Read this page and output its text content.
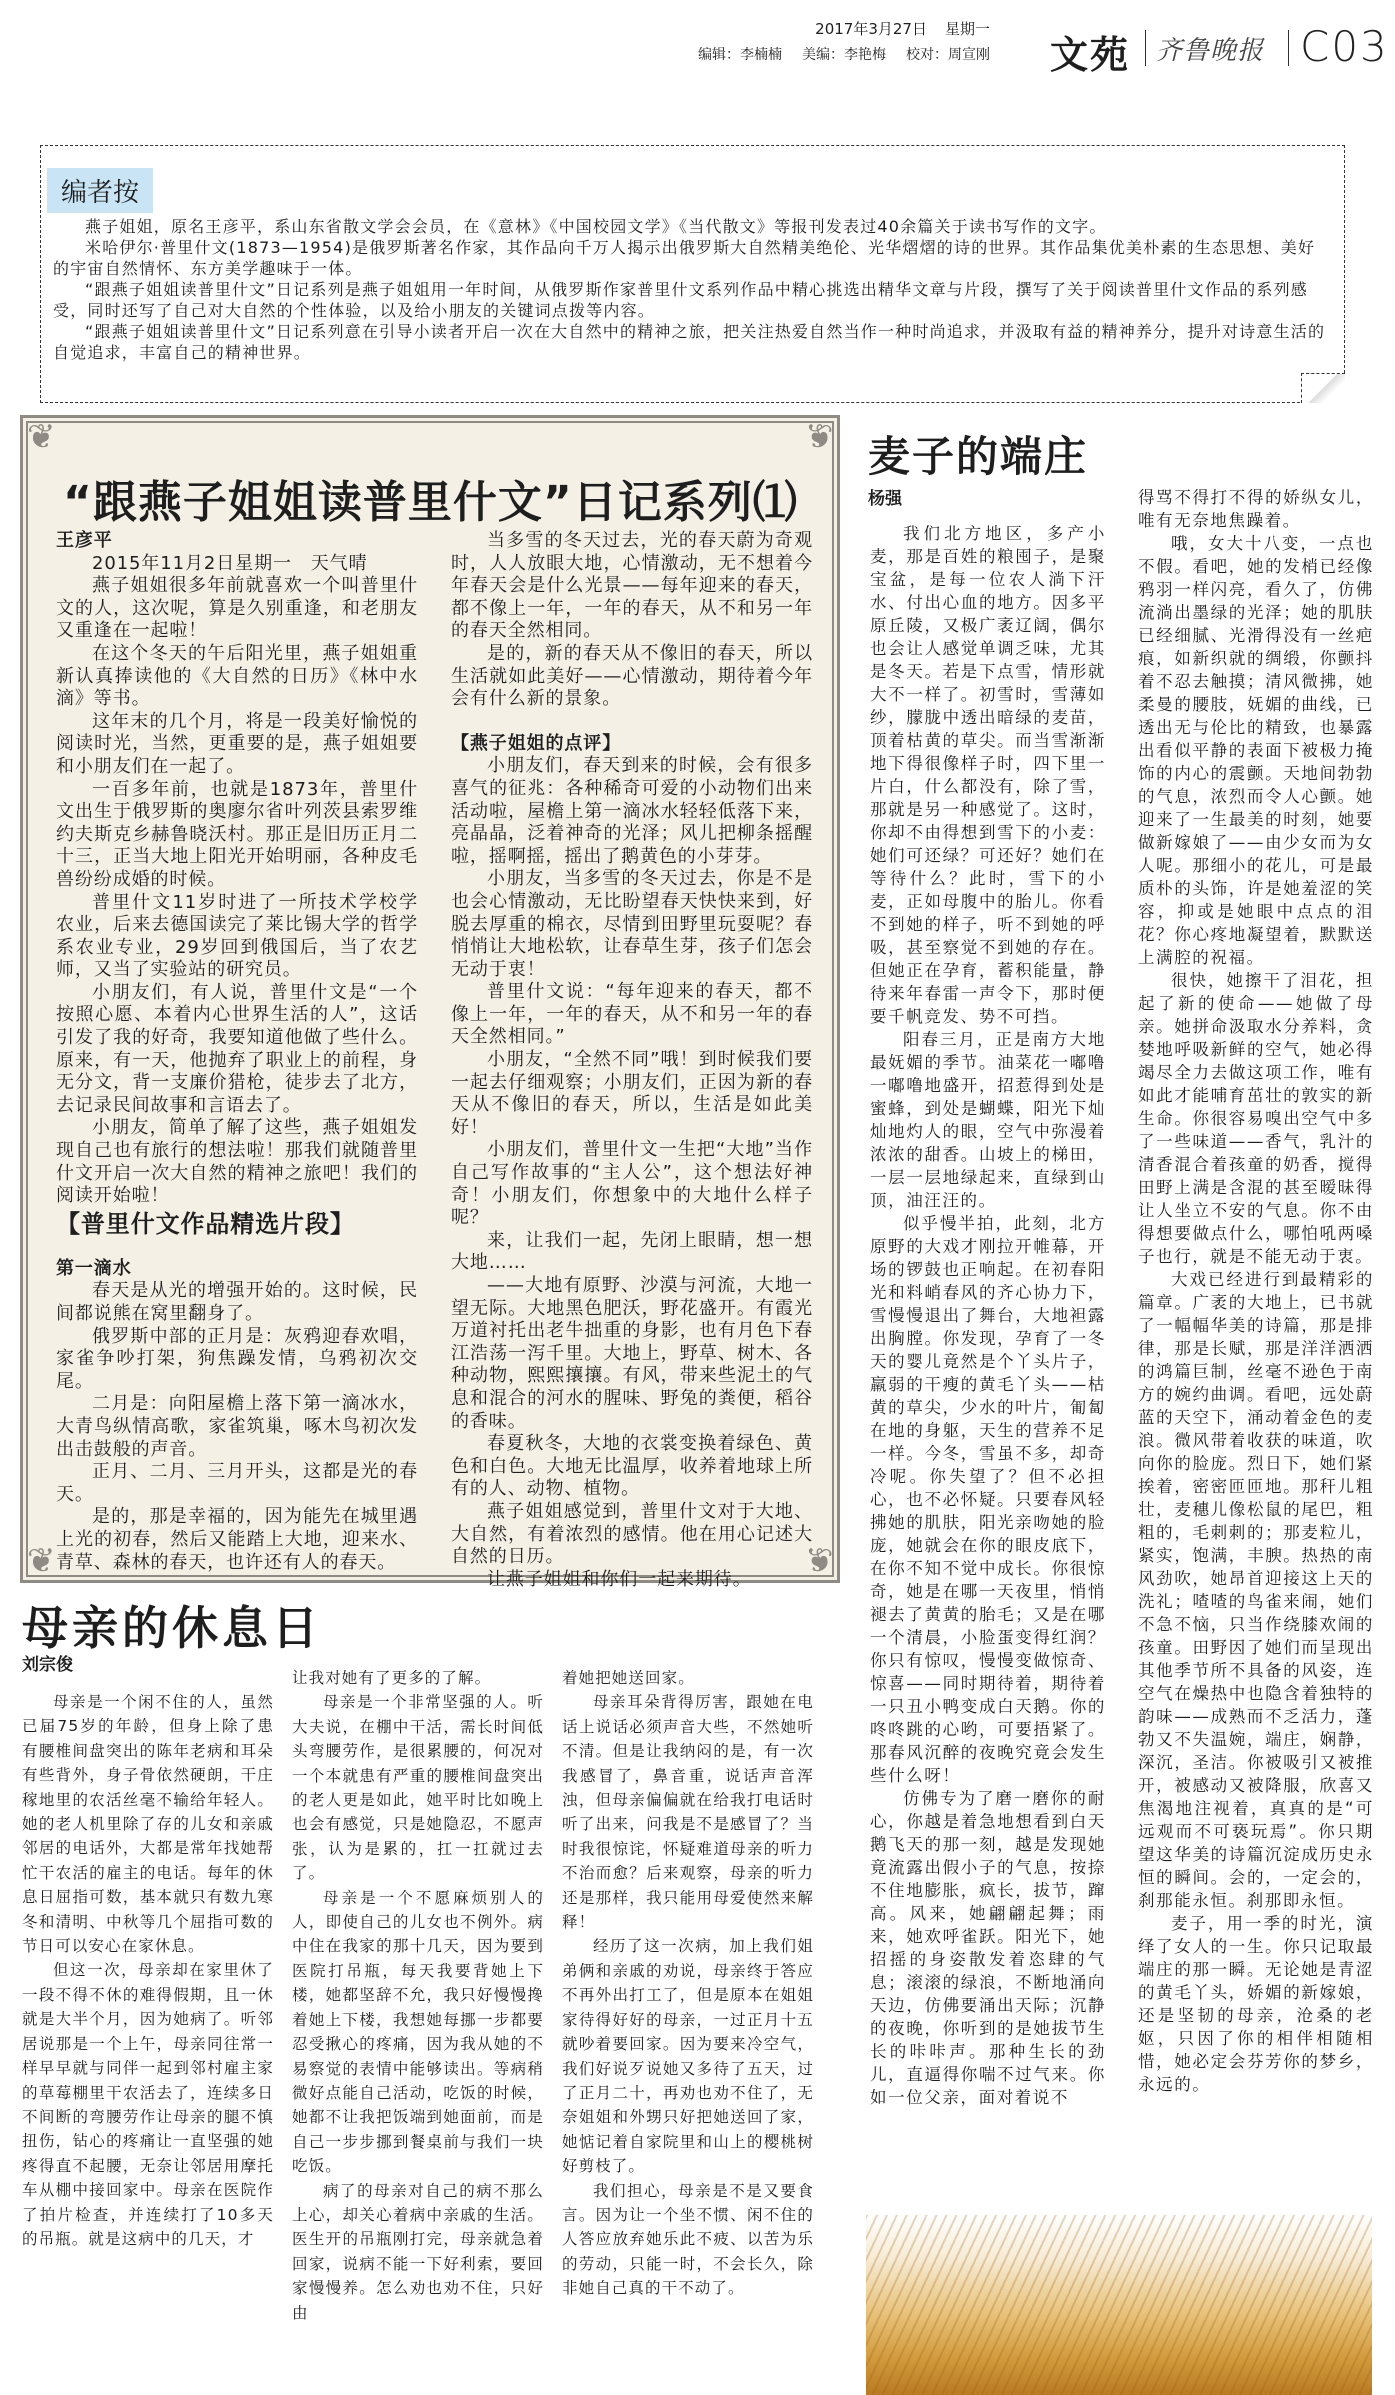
2017年3月27日 星期一
编辑：李楠楠 美编：李艳梅 校对：周宣刚 文苑 齐鲁晚报 C03
编者按

燕子姐姐，原名王彦平，系山东省散文学会会员，在《意林》《中国校园文学》《当代散文》等报刊发表过40余篇关于读书写作的文字。

米哈伊尔·普里什文(1873—1954)是俄罗斯著名作家，其作品向千万人揭示出俄罗斯大自然精美绝伦、光华熠熠的诗的世界。其作品集优美朴素的生态思想、美好的宇宙自然情怀、东方美学趣味于一体。

“跟燕子姐姐读普里什文”日记系列是燕子姐姐用一年时间，从俄罗斯作家普里什文系列作品中精心挑选出精华文章与片段，撰写了关于阅读普里什文作品的系列感受，同时还写了自己对大自然的个性体验，以及给小朋友的关键词点拨等内容。

“跟燕子姐姐读普里什文”日记系列意在引导小读者开启一次在大自然中的精神之旅，把关注热爱自然当作一种时尚追求，并汲取有益的精神养分，提升对诗意生活的自觉追求，丰富自己的精神世界。

❦	❦
❦	❦
“跟燕子姐姐读普里什文”日记系列⑴

王彦平

2015年11月2日星期一　天气晴

燕子姐姐很多年前就喜欢一个叫普里什文的人，这次呢，算是久别重逢，和老朋友又重逢在一起啦！

在这个冬天的午后阳光里，燕子姐姐重新认真捧读他的《大自然的日历》《林中水滴》等书。

这年末的几个月，将是一段美好愉悦的阅读时光，当然，更重要的是，燕子姐姐要和小朋友们在一起了。

一百多年前，也就是1873年，普里什文出生于俄罗斯的奥廖尔省叶列茨县索罗维约夫斯克乡赫鲁晓沃村。那正是旧历正月二十三，正当大地上阳光开始明丽，各种皮毛兽纷纷成婚的时候。

普里什文11岁时进了一所技术学校学农业，后来去德国读完了莱比锡大学的哲学系农业专业，29岁回到俄国后，当了农艺师，又当了实验站的研究员。

小朋友们，有人说，普里什文是“一个按照心愿、本着内心世界生活的人”，这话引发了我的好奇，我要知道他做了些什么。原来，有一天，他抛弃了职业上的前程，身无分文，背一支廉价猎枪，徒步去了北方，去记录民间故事和言语去了。

小朋友，简单了解了这些，燕子姐姐发现自己也有旅行的想法啦！那我们就随普里什文开启一次大自然的精神之旅吧！我们的阅读开始啦！

【普里什文作品精选片段】

第一滴水

春天是从光的增强开始的。这时候，民间都说熊在窝里翻身了。

俄罗斯中部的正月是：灰鸦迎春欢唱，家雀争吵打架，狗焦躁发情，乌鸦初次交尾。

二月是：向阳屋檐上落下第一滴冰水，大青鸟纵情高歌，家雀筑巢，啄木鸟初次发出击鼓般的声音。

正月、二月、三月开头，这都是光的春天。

是的，那是幸福的，因为能先在城里遇上光的初春，然后又能踏上大地，迎来水、青草、森林的春天，也许还有人的春天。

当多雪的冬天过去，光的春天蔚为奇观时，人人放眼大地，心情激动，无不想着今年春天会是什么光景——每年迎来的春天，都不像上一年，一年的春天，从不和另一年的春天全然相同。

是的，新的春天从不像旧的春天，所以生活就如此美好——心情激动，期待着今年会有什么新的景象。

【燕子姐姐的点评】

小朋友们，春天到来的时候，会有很多喜气的征兆：各种稀奇可爱的小动物们出来活动啦，屋檐上第一滴冰水轻轻低落下来，亮晶晶，泛着神奇的光泽；风儿把柳条摇醒啦，摇啊摇，摇出了鹅黄色的小芽芽。

小朋友，当多雪的冬天过去，你是不是也会心情激动，无比盼望春天快快来到，好脱去厚重的棉衣，尽情到田野里玩耍呢？春悄悄让大地松软，让春草生芽，孩子们怎会无动于衷！

普里什文说：“每年迎来的春天，都不像上一年，一年的春天，从不和另一年的春天全然相同。”

小朋友，“全然不同”哦！到时候我们要一起去仔细观察；小朋友们，正因为新的春天从不像旧的春天，所以，生活是如此美好！

小朋友们，普里什文一生把“大地”当作自己写作故事的“主人公”，这个想法好神奇！小朋友们，你想象中的大地什么样子呢？

来，让我们一起，先闭上眼睛，想一想大地……

——大地有原野、沙漠与河流，大地一望无际。大地黑色肥沃，野花盛开。有霞光万道衬托出老牛拙重的身影，也有月色下春江浩荡一泻千里。大地上，野草、树木、各种动物，熙熙攘攘。有风，带来些泥土的气息和混合的河水的腥味、野兔的粪便，稻谷的香味。

春夏秋冬，大地的衣裳变换着绿色、黄色和白色。大地无比温厚，收养着地球上所有的人、动物、植物。

燕子姐姐感觉到，普里什文对于大地、大自然，有着浓烈的感情。他在用心记述大自然的日历。

让燕子姐姐和你们一起来期待。

麦子的端庄
杨强

我们北方地区，多产小麦，那是百姓的粮囤子，是聚宝盆，是每一位农人淌下汗水、付出心血的地方。因多平原丘陵，又极广袤辽阔，偶尔也会让人感觉单调乏味，尤其是冬天。若是下点雪，情形就大不一样了。初雪时，雪薄如纱，朦胧中透出暗绿的麦苗，顶着枯黄的草尖。而当雪渐渐地下得很像样子时，四下里一片白，什么都没有，除了雪，那就是另一种感觉了。这时，你却不由得想到雪下的小麦：她们可还绿？可还好？她们在等待什么？此时，雪下的小麦，正如母腹中的胎儿。你看不到她的样子，听不到她的呼吸，甚至察觉不到她的存在。但她正在孕育，蓄积能量，静待来年春雷一声令下，那时便要千帆竞发、势不可挡。

阳春三月，正是南方大地最妩媚的季节。油菜花一嘟噜一嘟噜地盛开，招惹得到处是蜜蜂，到处是蝴蝶，阳光下灿灿地灼人的眼，空气中弥漫着浓浓的甜香。山坡上的梯田，一层一层地绿起来，直绿到山顶，油汪汪的。

似乎慢半拍，此刻，北方原野的大戏才刚拉开帷幕，开场的锣鼓也正响起。在初春阳光和料峭春风的齐心协力下，雪慢慢退出了舞台，大地袒露出胸膛。你发现，孕育了一冬天的婴儿竟然是个丫头片子，羸弱的干瘦的黄毛丫头——枯黄的草尖，少水的叶片，匍匐在地的身躯，天生的营养不足一样。今冬，雪虽不多，却奇冷呢。你失望了？但不必担心，也不必怀疑。只要春风轻拂她的肌肤，阳光亲吻她的脸庞，她就会在你的眼皮底下，在你不知不觉中成长。你很惊奇，她是在哪一天夜里，悄悄褪去了黄黄的胎毛；又是在哪一个清晨，小脸蛋变得红润？你只有惊叹，慢慢变做惊奇、惊喜——同时期待着，期待着一只丑小鸭变成白天鹅。你的咚咚跳的心哟，可要捂紧了。那春风沉醉的夜晚究竟会发生些什么呀！

仿佛专为了磨一磨你的耐心，你越是着急地想看到白天鹅飞天的那一刻，越是发现她竟流露出假小子的气息，按捺不住地膨胀，疯长，拔节，蹿高。风来，她翩翩起舞；雨来，她欢呼雀跃。阳光下，她招摇的身姿散发着恣肆的气息；滚滚的绿浪，不断地涌向天边，仿佛要涌出天际；沉静的夜晚，你听到的是她拔节生长的咔咔声。那种生长的劲儿，直逼得你喘不过气来。你如一位父亲，面对着说不

得骂不得打不得的娇纵女儿，唯有无奈地焦躁着。

哦，女大十八变，一点也不假。看吧，她的发梢已经像鸦羽一样闪亮，看久了，仿佛流淌出墨绿的光泽；她的肌肤已经细腻、光滑得没有一丝疤痕，如新织就的绸缎，你颤抖着不忍去触摸；清风微拂，她柔曼的腰肢，妩媚的曲线，已透出无与伦比的精致，也暴露出看似平静的表面下被极力掩饰的内心的震颤。天地间勃勃的气息，浓烈而令人心颤。她迎来了一生最美的时刻，她要做新嫁娘了——由少女而为女人呢。那细小的花儿，可是最质朴的头饰，许是她羞涩的笑容，抑或是她眼中点点的泪花？你心疼地凝望着，默默送上满腔的祝福。

很快，她擦干了泪花，担起了新的使命——她做了母亲。她拼命汲取水分养料，贪婪地呼吸新鲜的空气，她必得竭尽全力去做这项工作，唯有如此才能哺育茁壮的敦实的新生命。你很容易嗅出空气中多了一些味道——香气，乳汁的清香混合着孩童的奶香，搅得田野上满是含混的甚至暧昧得让人坐立不安的气息。你不由得想要做点什么，哪怕吼两嗓子也行，就是不能无动于衷。

大戏已经进行到最精彩的篇章。广袤的大地上，已书就了一幅幅华美的诗篇，那是排律，那是长赋，那是洋洋洒洒的鸿篇巨制，丝毫不逊色于南方的婉约曲调。看吧，远处蔚蓝的天空下，涌动着金色的麦浪。微风带着收获的味道，吹向你的脸庞。烈日下，她们紧挨着，密密匝匝地。那秆儿粗壮，麦穗儿像松鼠的尾巴，粗粗的，毛刺刺的；那麦粒儿，紧实，饱满，丰腴。热热的南风劲吹，她昂首迎接这上天的洗礼；喳喳的鸟雀来闹，她们不急不恼，只当作绕膝欢闹的孩童。田野因了她们而呈现出其他季节所不具备的风姿，连空气在燥热中也隐含着独特的韵味——成熟而不乏活力，蓬勃又不失温婉，端庄，娴静，深沉，圣洁。你被吸引又被推开，被感动又被降服，欣喜又焦渴地注视着，真真的是“可远观而不可亵玩焉”。你只期望这华美的诗篇沉淀成历史永恒的瞬间。会的，一定会的，刹那能永恒。刹那即永恒。

麦子，用一季的时光，演绎了女人的一生。你只记取最端庄的那一瞬。无论她是青涩的黄毛丫头，娇媚的新嫁娘，还是坚韧的母亲，沧桑的老妪，只因了你的相伴相随相惜，她必定会芬芳你的梦乡，永远的。

母亲的休息日
刘宗俊

母亲是一个闲不住的人，虽然已届75岁的年龄，但身上除了患有腰椎间盘突出的陈年老病和耳朵有些背外，身子骨依然硬朗，干庄稼地里的农活丝毫不输给年轻人。她的老人机里除了存的儿女和亲戚邻居的电话外，大都是常年找她帮忙干农活的雇主的电话。每年的休息日屈指可数，基本就只有数九寒冬和清明、中秋等几个屈指可数的节日可以安心在家休息。

但这一次，母亲却在家里休了一段不得不休的难得假期，且一休就是大半个月，因为她病了。听邻居说那是一个上午，母亲同往常一样早早就与同伴一起到邻村雇主家的草莓棚里干农活去了，连续多日不间断的弯腰劳作让母亲的腿不慎扭伤，钻心的疼痛让一直坚强的她疼得直不起腰，无奈让邻居用摩托车从棚中接回家中。母亲在医院作了拍片检查，并连续打了10多天的吊瓶。就是这病中的几天，才

让我对她有了更多的了解。

母亲是一个非常坚强的人。听大夫说，在棚中干活，需长时间低头弯腰劳作，是很累腰的，何况对一个本就患有严重的腰椎间盘突出的老人更是如此，她平时比如晚上也会有感觉，只是她隐忍，不愿声张，认为是累的，扛一扛就过去了。

母亲是一个不愿麻烦别人的人，即使自己的儿女也不例外。病中住在我家的那十几天，因为要到医院打吊瓶，每天我要背她上下楼，她都坚辞不允，我只好慢慢搀着她上下楼，我想她每挪一步都要忍受揪心的疼痛，因为我从她的不易察觉的表情中能够读出。等病稍微好点能自己活动，吃饭的时候，她都不让我把饭端到她面前，而是自己一步步挪到餐桌前与我们一块吃饭。

病了的母亲对自己的病不那么上心，却关心着病中亲戚的生活。医生开的吊瓶刚打完，母亲就急着回家，说病不能一下好利索，要回家慢慢养。怎么劝也劝不住，只好由

着她把她送回家。

母亲耳朵背得厉害，跟她在电话上说话必须声音大些，不然她听不清。但是让我纳闷的是，有一次我感冒了，鼻音重，说话声音浑浊，但母亲偏偏就在给我打电话时听了出来，问我是不是感冒了？当时我很惊诧，怀疑难道母亲的听力不治而愈？后来观察，母亲的听力还是那样，我只能用母爱使然来解释！

经历了这一次病，加上我们姐弟俩和亲戚的劝说，母亲终于答应不再外出打工了，但是原本在姐姐家待得好好的母亲，一过正月十五就吵着要回家。因为要来冷空气，我们好说歹说她又多待了五天，过了正月二十，再劝也劝不住了，无奈姐姐和外甥只好把她送回了家，她惦记着自家院里和山上的樱桃树好剪枝了。

我们担心，母亲是不是又要食言。因为让一个坐不惯、闲不住的人答应放弃她乐此不疲、以苦为乐的劳动，只能一时，不会长久，除非她自己真的干不动了。
